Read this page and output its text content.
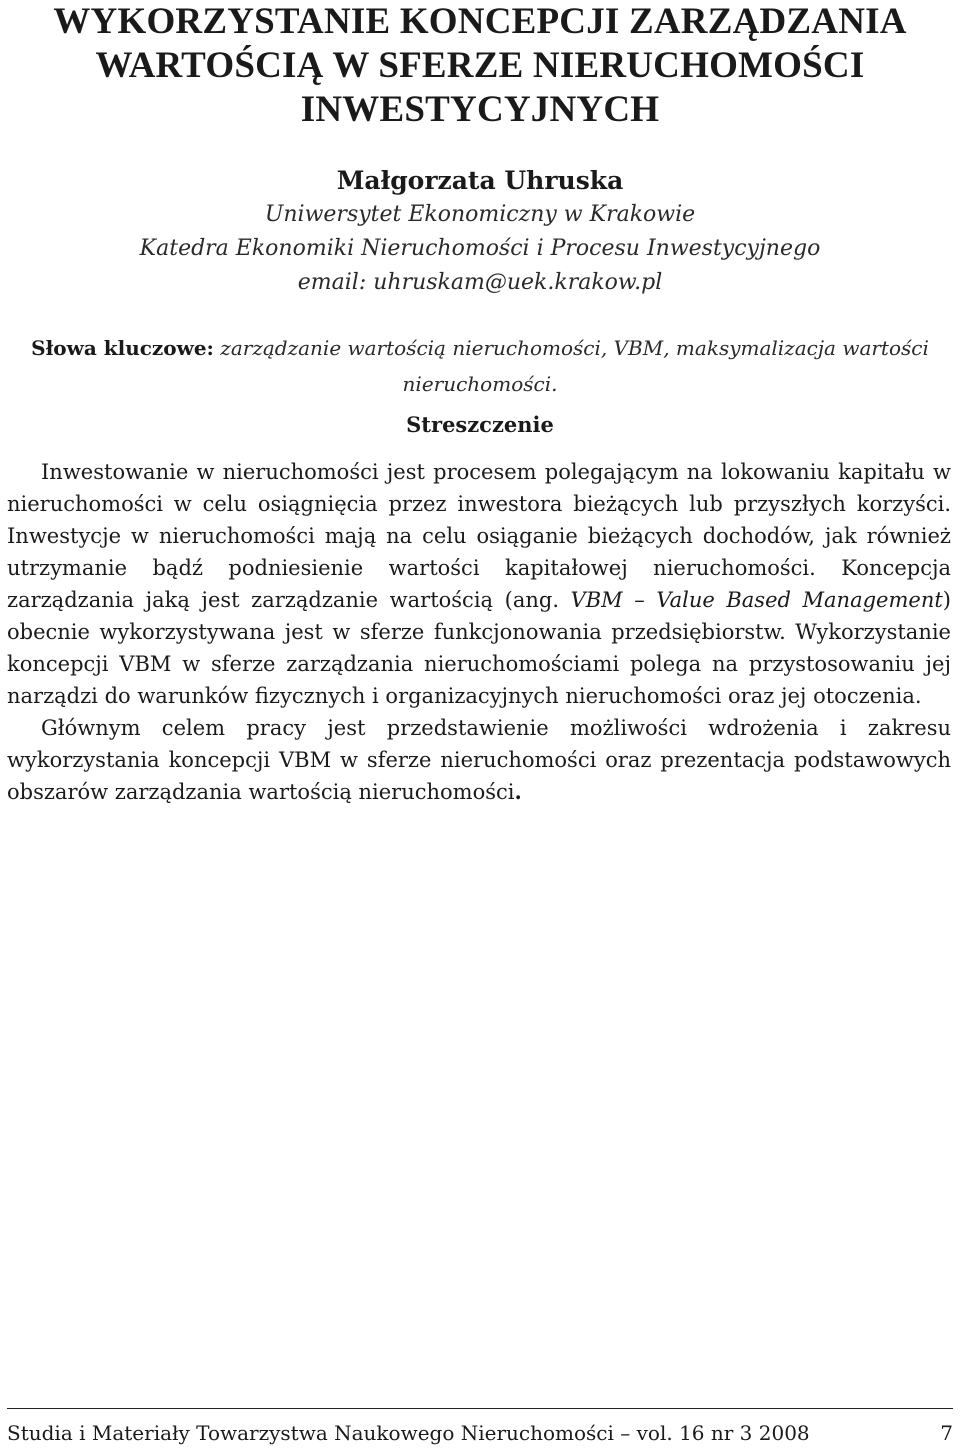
WYKORZYSTANIE KONCEPCJI ZARZĄDZANIA
WARTOŚCIĄ W SFERZE NIERUCHOMOŚCI
INWESTYCYJNYCH
Małgorzata Uhruska
Uniwersytet Ekonomiczny w Krakowie
Katedra Ekonomiki Nieruchomości i Procesu Inwestycyjnego
email: uhruskam@uek.krakow.pl
Słowa kluczowe: zarządzanie wartością nieruchomości, VBM, maksymalizacja wartości nieruchomości.
Streszczenie

Inwestowanie w nieruchomości jest procesem polegającym na lokowaniu kapitału w nieruchomości w celu osiągnięcia przez inwestora bieżących lub przyszłych korzyści. Inwestycje w nieruchomości mają na celu osiąganie bieżących dochodów, jak również utrzymanie bądź podniesienie wartości kapitałowej nieruchomości. Koncepcja zarządzania jaką jest zarządzanie wartością (ang. VBM – Value Based Management) obecnie wykorzystywana jest w sferze funkcjonowania przedsiębiorstw. Wykorzystanie koncepcji VBM w sferze zarządzania nieruchomościami polega na przystosowaniu jej narządzi do warunków fizycznych i organizacyjnych nieruchomości oraz jej otoczenia.

Głównym celem pracy jest przedstawienie możliwości wdrożenia i zakresu wykorzystania koncepcji VBM w sferze nieruchomości oraz prezentacja podstawowych obszarów zarządzania wartością nieruchomości.

Studia i Materiały Towarzystwa Naukowego Nieruchomości – vol. 16 nr 3 2008	7
